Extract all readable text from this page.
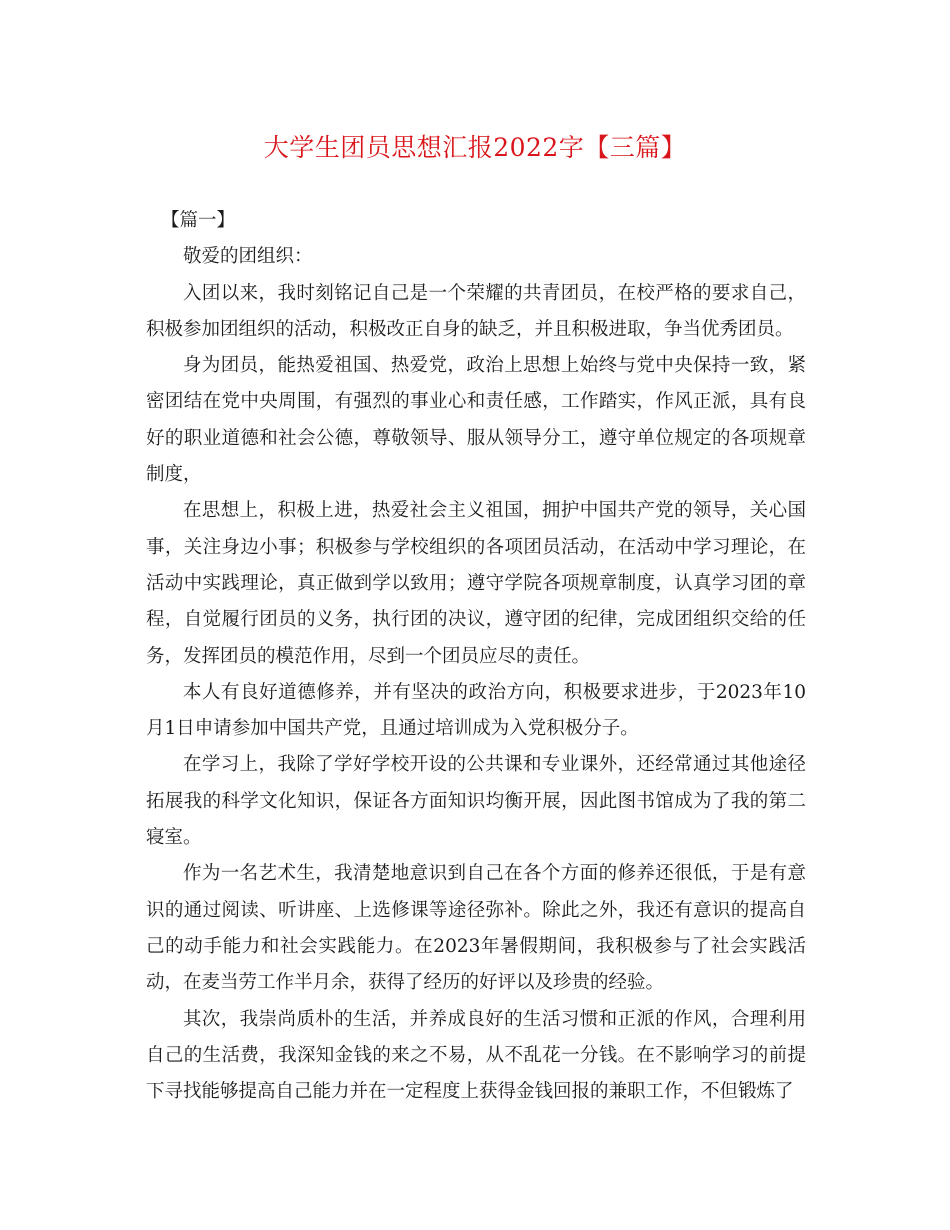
大学生团员思想汇报2022字【三篇】

【篇一】

敬爱的团组织：

入团以来，我时刻铭记自己是一个荣耀的共青团员，在校严格的要求自己，积极参加团组织的活动，积极改正自身的缺乏，并且积极进取，争当优秀团员。

身为团员，能热爱祖国、热爱党，政治上思想上始终与党中央保持一致，紧密团结在党中央周围，有强烈的事业心和责任感，工作踏实，作风正派，具有良好的职业道德和社会公德，尊敬领导、服从领导分工，遵守单位规定的各项规章制度，

在思想上，积极上进，热爱社会主义祖国，拥护中国共产党的领导，关心国事，关注身边小事；积极参与学校组织的各项团员活动，在活动中学习理论，在活动中实践理论，真正做到学以致用；遵守学院各项规章制度，认真学习团的章程，自觉履行团员的义务，执行团的决议，遵守团的纪律，完成团组织交给的任务，发挥团员的模范作用，尽到一个团员应尽的责任。

本人有良好道德修养，并有坚决的政治方向，积极要求进步，于2023年10月1日申请参加中国共产党，且通过培训成为入党积极分子。

在学习上，我除了学好学校开设的公共课和专业课外，还经常通过其他途径拓展我的科学文化知识，保证各方面知识均衡开展，因此图书馆成为了我的第二寝室。

作为一名艺术生，我清楚地意识到自己在各个方面的修养还很低，于是有意识的通过阅读、听讲座、上选修课等途径弥补。除此之外，我还有意识的提高自己的动手能力和社会实践能力。在2023年暑假期间，我积极参与了社会实践活动，在麦当劳工作半月余，获得了经历的好评以及珍贵的经验。

其次，我崇尚质朴的生活，并养成良好的生活习惯和正派的作风，合理利用自己的生活费，我深知金钱的来之不易，从不乱花一分钱。在不影响学习的前提下寻找能够提高自己能力并在一定程度上获得金钱回报的兼职工作，不但锻炼了
